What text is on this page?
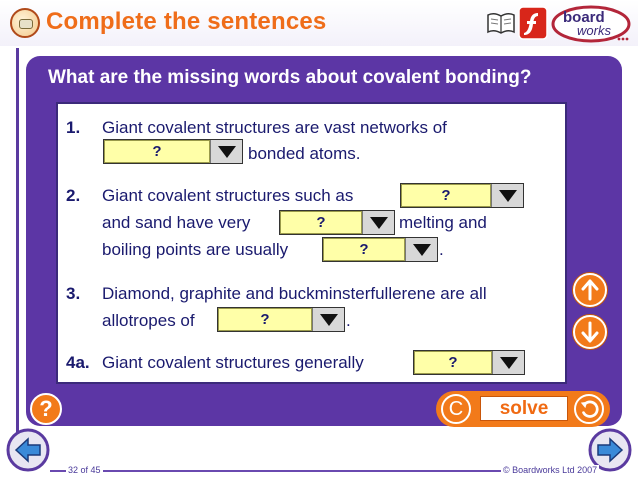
Complete the sentences	board
works
What are the missing words about covalent bonding?
1. Giant covalent structures are vast networks of
?	bonded atoms.
2. Giant covalent structures such as	?
and sand have very	?	melting and
boiling points are usually	?	.
3. Diamond, graphite and buckminsterfullerene are all
allotropes of	?	.
4a. Giant covalent structures generally	?
?	C	solve
32 of 45	© Boardworks Ltd 2007
